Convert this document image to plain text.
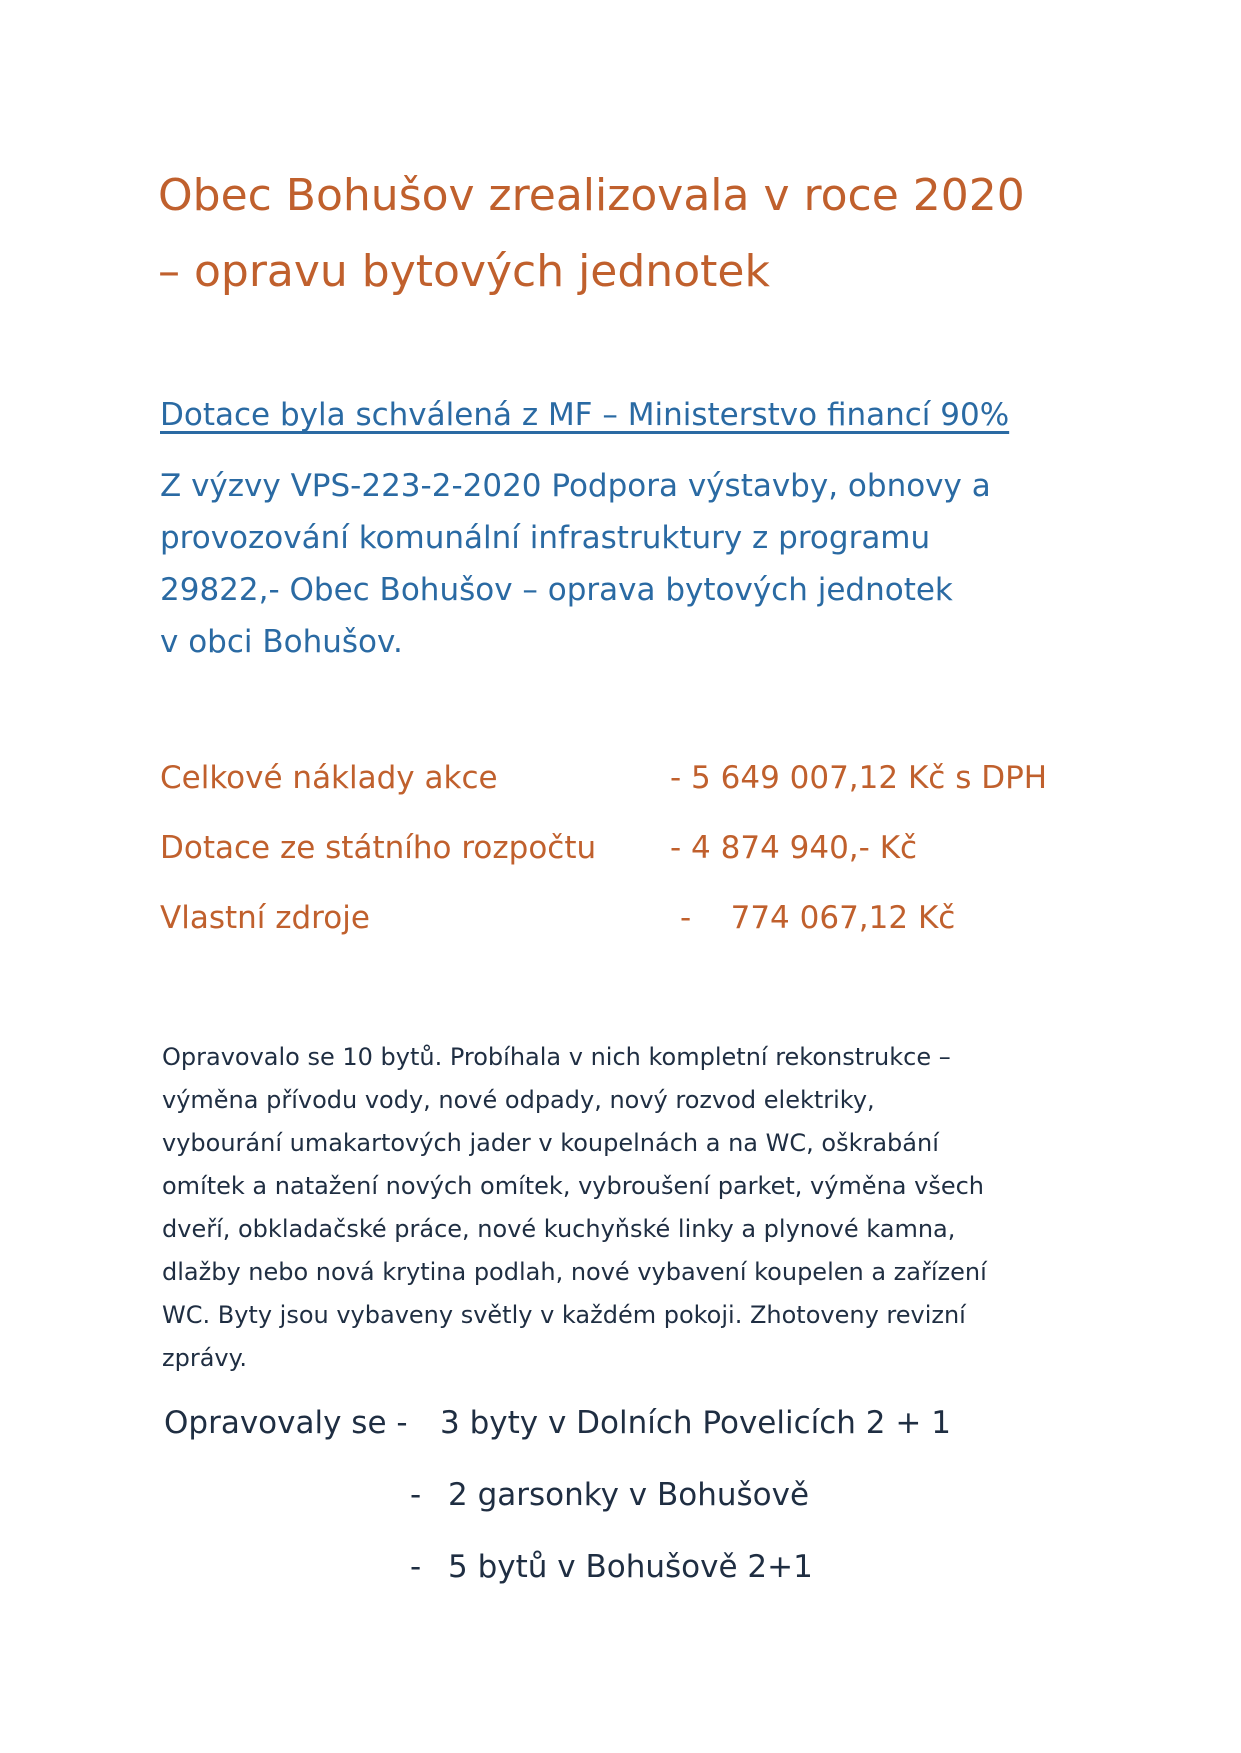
Obec Bohušov zrealizovala v roce 2020
– opravu bytových jednotek
Dotace byla schválená z MF – Ministerstvo financí 90%
Z výzvy VPS-223-2-2020 Podpora výstavby, obnovy a
provozování komunální infrastruktury z programu
29822,- Obec Bohušov – oprava bytových jednotek
v obci Bohušov.
Celkové náklady akce	- 5 649 007,12 Kč s DPH
Dotace ze státního rozpočtu - 4 874 940,- Kč
Vlastní zdroje	-    774 067,12 Kč
Opravovalo se 10 bytů. Probíhala v nich kompletní rekonstrukce –
výměna přívodu vody, nové odpady, nový rozvod elektriky,
vybourání umakartových jader v koupelnách a na WC, oškrabání
omítek a natažení nových omítek, vybroušení parket, výměna všech
dveří, obkladačské práce, nové kuchyňské linky a plynové kamna,
dlažby nebo nová krytina podlah, nové vybavení koupelen a zařízení
WC. Byty jsou vybaveny světly v každém pokoji. Zhotoveny revizní
zprávy.
Opravovaly se - 3 byty v Dolních Povelicích 2 + 1
- 2 garsonky v Bohušově
- 5 bytů v Bohušově 2+1
